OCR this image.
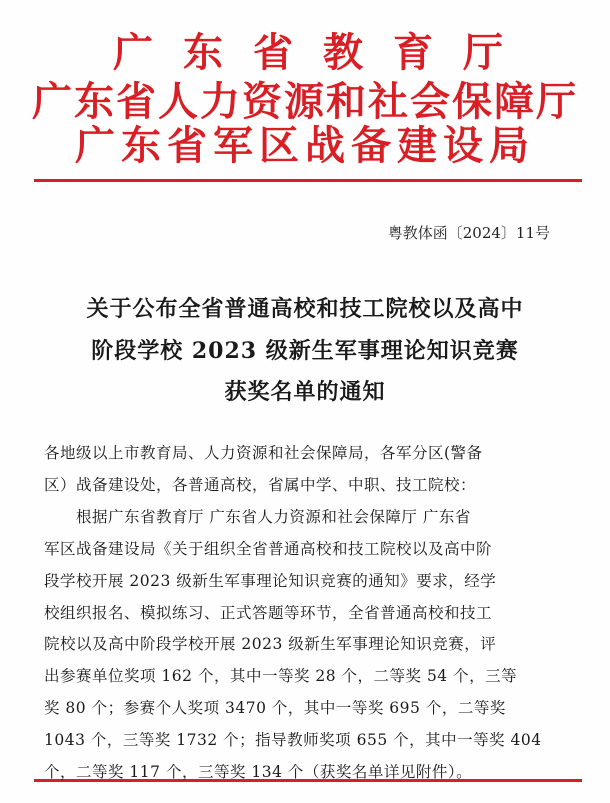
广东省教育厅
广东省人力资源和社会保障厅
广东省军区战备建设局
粤教体函〔2024〕11号
关于公布全省普通高校和技工院校以及高中
阶段学校 2023 级新生军事理论知识竞赛
获奖名单的通知
各地级以上市教育局、人力资源和社会保障局，各军分区(警备
区）战备建设处，各普通高校，省属中学、中职、技工院校：
根据广东省教育厅 广东省人力资源和社会保障厅 广东省
军区战备建设局《关于组织全省普通高校和技工院校以及高中阶
段学校开展 2023 级新生军事理论知识竞赛的通知》要求，经学
校组织报名、模拟练习、正式答题等环节，全省普通高校和技工
院校以及高中阶段学校开展 2023 级新生军事理论知识竞赛，评
出参赛单位奖项 162 个，其中一等奖 28 个，二等奖 54 个，三等
奖 80 个；参赛个人奖项 3470 个，其中一等奖 695 个，二等奖
1043 个，三等奖 1732 个；指导教师奖项 655 个，其中一等奖 404
个，二等奖 117 个，三等奖 134 个（获奖名单详见附件）。
